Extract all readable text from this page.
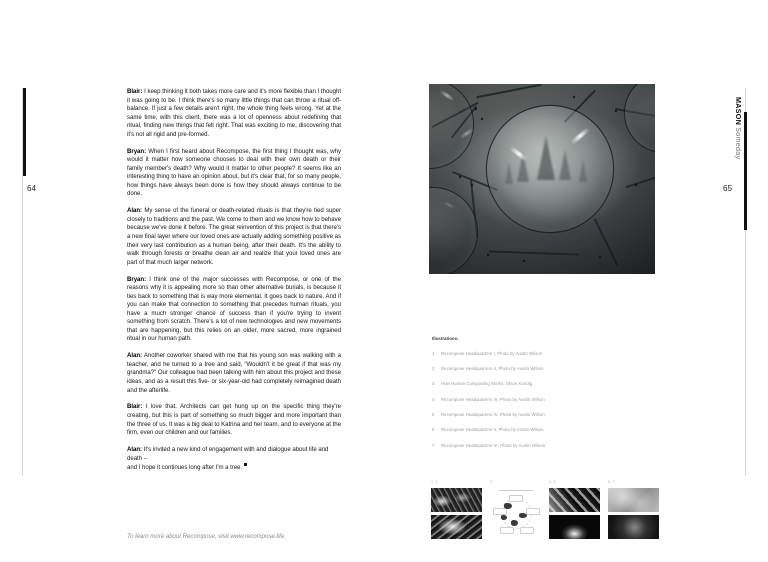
64	65
MASON Someday

Blair: I keep thinking it both takes more care and it's more flexible than I thought it was going to be. I think there's so many little things that can throw a ritual off-balance. If just a few details aren't right, the whole thing feels wrong. Yet at the same time, with this client, there was a lot of openness about redefining that ritual, finding new things that felt right. That was exciting to me, discovering that it's not all rigid and pre-formed.

Bryan: When I first heard about Recompose, the first thing I thought was, why would it matter how someone chooses to deal with their own death or their family member's death? Why would it matter to other people? It seems like an interesting thing to have an opinion about, but it's clear that, for so many people, how things have always been done is how they should always continue to be done.

Alan: My sense of the funeral or death-related rituals is that they're tied super closely to traditions and the past. We come to them and we know how to behave because we've done it before. The great reinvention of this project is that there's a new final layer where our loved ones are actually adding something positive as their very last contribution as a human being, after their death. It's the ability to walk through forests or breathe clean air and realize that your loved ones are part of that much larger network.

Bryan: I think one of the major successes with Recompose, or one of the reasons why it is appealing more so than other alternative burials, is because it ties back to something that is way more elemental. It goes back to nature. And if you can make that connection to something that precedes human rituals, you have a much stronger chance of success than if you're trying to invent something from scratch. There's a lot of new technologies and new movements that are happening, but this relies on an older, more sacred, more ingrained ritual in our human path.

Alan: Another coworker shared with me that his young son was walking with a teacher, and he turned to a tree and said, “Wouldn't it be great if that was my grandma?” Our colleague had been talking with him about this project and these ideas, and as a result this five- or six-year-old had completely reimagined death and the afterlife.

Blair: I love that. Architects can get hung up on the specific thing they're creating, but this is part of something so much bigger and more important than the three of us. It was a big deal to Katrina and her team, and to everyone at the firm, even our children and our families.

Alan: It's invited a new kind of engagement with and dialogue about life and death –
and I hope it continues long after I'm a tree.

To learn more about Recompose, visit www.recompose.life.
Illustrations:
1	Recompose Headquarters I, Photo by Austin Wilson
2	Recompose Headquarters II, Photo by Austin Wilson
3	How Human Composting Works, Olson Kundig
4	Recompose Headquarters III, Photo by Austin Wilson
5	Recompose Headquarters IV, Photo by Austin Wilson
6	Recompose Headquarters V, Photo by Austin Wilson
7	Recompose Headquarters VI, Photo by Austin Wilson
1, 2	3	4, 5	6, 7
